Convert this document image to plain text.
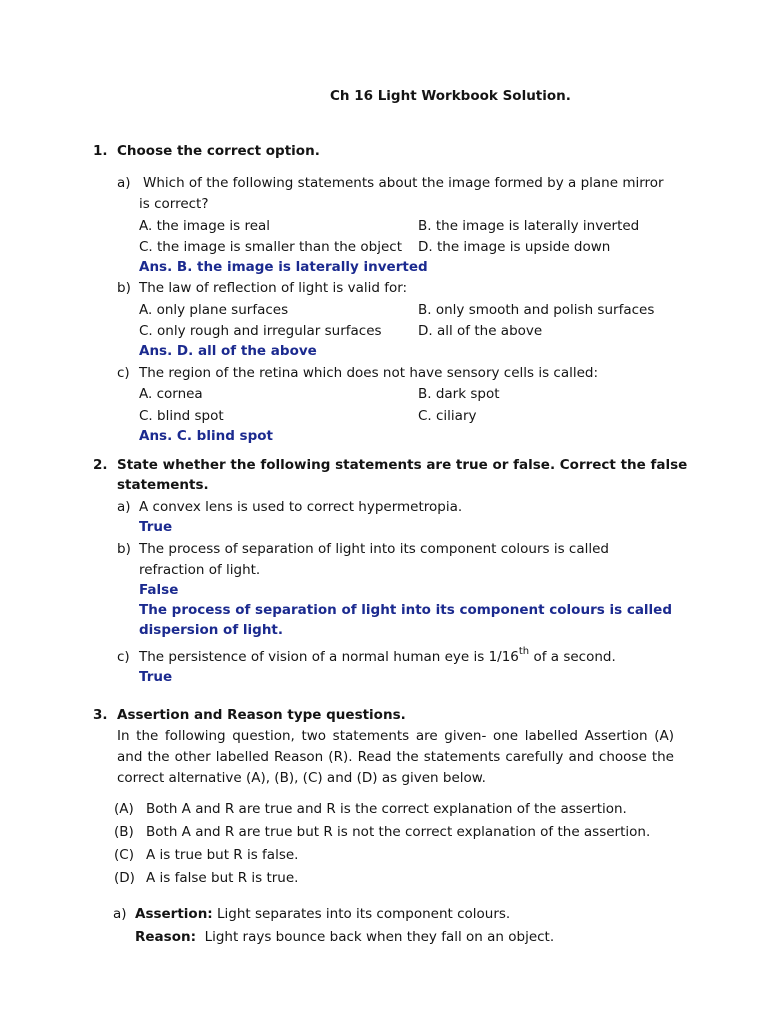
Ch 16 Light Workbook Solution.
1. Choose the correct option.
a) Which of the following statements about the image formed by a plane mirror
is correct?
A. the image is real	B. the image is laterally inverted
C. the image is smaller than the object D. the image is upside down
Ans. B. the image is laterally inverted
b) The law of reflection of light is valid for:
A. only plane surfaces	B. only smooth and polish surfaces
C. only rough and irregular surfaces	D. all of the above
Ans. D. all of the above
c) The region of the retina which does not have sensory cells is called:
A. cornea	B. dark spot
C. blind spot	C. ciliary
Ans. C. blind spot
2. State whether the following statements are true or false. Correct the false
statements.
a) A convex lens is used to correct hypermetropia.
True
b) The process of separation of light into its component colours is called
refraction of light.
False
The process of separation of light into its component colours is called
dispersion of light.
c) The persistence of vision of a normal human eye is 1/16th of a second.
True
3. Assertion and Reason type questions.
In the following question, two statements are given- one labelled Assertion (A)
and the other labelled Reason (R). Read the statements carefully and choose the
correct alternative (A), (B), (C) and (D) as given below.
(A) Both A and R are true and R is the correct explanation of the assertion.
(B) Both A and R are true but R is not the correct explanation of the assertion.
(C) A is true but R is false.
(D) A is false but R is true.
a) Assertion: Light separates into its component colours.
Reason:  Light rays bounce back when they fall on an object.
